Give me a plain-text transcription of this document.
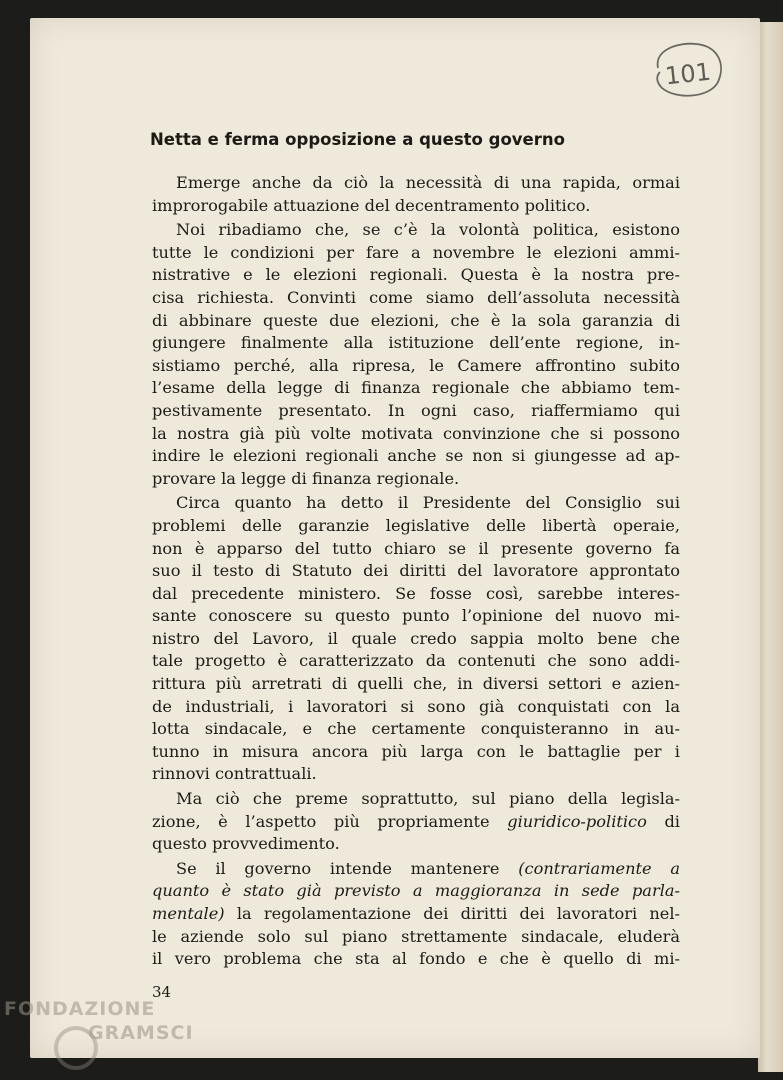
101
Netta e ferma opposizione a questo governo
Emerge anche da ciò la necessità di una rapida, ormai
improrogabile attuazione del decentramento politico.
Noi ribadiamo che, se c’è la volontà politica, esistono
tutte le condizioni per fare a novembre le elezioni ammi-
nistrative e le elezioni regionali. Questa è la nostra pre-
cisa richiesta. Convinti come siamo dell’assoluta necessità
di abbinare queste due elezioni, che è la sola garanzia di
giungere finalmente alla istituzione dell’ente regione, in-
sistiamo perché, alla ripresa, le Camere affrontino subito
l’esame della legge di finanza regionale che abbiamo tem-
pestivamente presentato. In ogni caso, riaffermiamo qui
la nostra già più volte motivata convinzione che si possono
indire le elezioni regionali anche se non si giungesse ad ap-
provare la legge di finanza regionale.
Circa quanto ha detto il Presidente del Consiglio sui
problemi delle garanzie legislative delle libertà operaie,
non è apparso del tutto chiaro se il presente governo fa
suo il testo di Statuto dei diritti del lavoratore approntato
dal precedente ministero. Se fosse così, sarebbe interes-
sante conoscere su questo punto l’opinione del nuovo mi-
nistro del Lavoro, il quale credo sappia molto bene che
tale progetto è caratterizzato da contenuti che sono addi-
rittura più arretrati di quelli che, in diversi settori e azien-
de industriali, i lavoratori si sono già conquistati con la
lotta sindacale, e che certamente conquisteranno in au-
tunno in misura ancora più larga con le battaglie per i
rinnovi contrattuali.
Ma ciò che preme soprattutto, sul piano della legisla-
zione, è l’aspetto più propriamente giuridico-politico di
questo provvedimento.
Se il governo intende mantenere (contrariamente a
quanto è stato già previsto a maggioranza in sede parla-
mentale) la regolamentazione dei diritti dei lavoratori nel-
le aziende solo sul piano strettamente sindacale, eluderà
il vero problema che sta al fondo e che è quello di mi-
34
FONDAZIONE
GRAMSCI
